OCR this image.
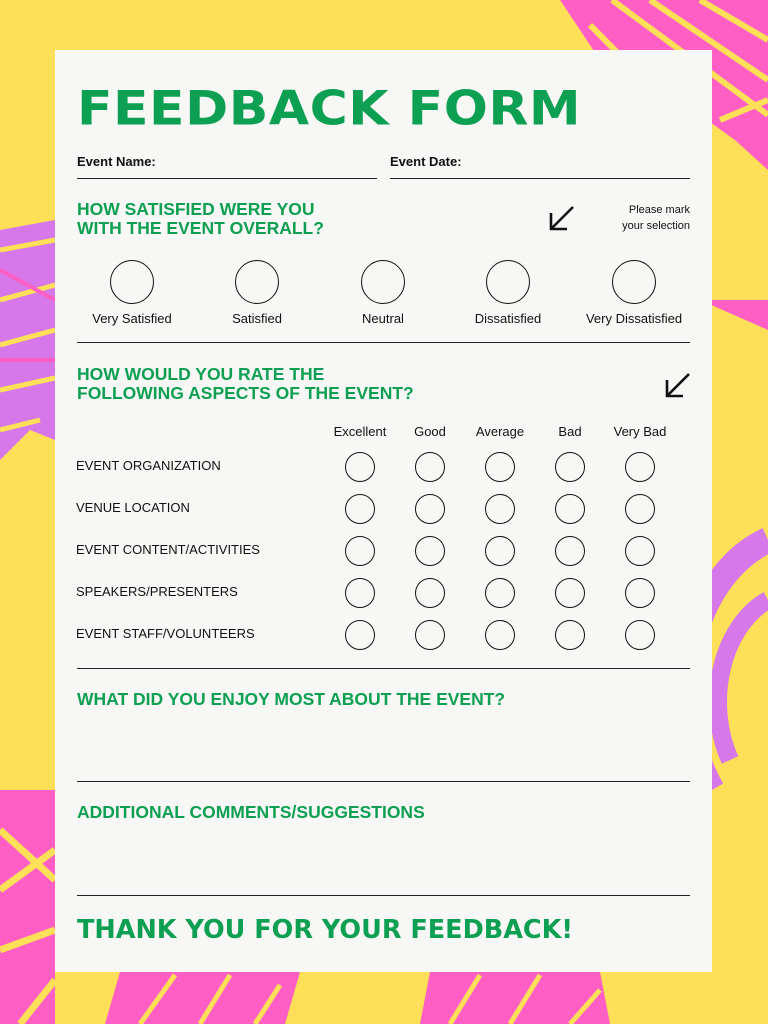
FEEDBACK FORM
Event Name:	Event Date:
HOW SATISFIED WERE YOU
WITH THE EVENT OVERALL?
Please mark
your selection
Very Satisfied	Satisfied	Neutral	Dissatisfied	Very Dissatisfied
HOW WOULD YOU RATE THE
FOLLOWING ASPECTS OF THE EVENT?
Excellent	Good	Average	Bad	Very Bad
EVENT ORGANIZATION
VENUE LOCATION
EVENT CONTENT/ACTIVITIES
SPEAKERS/PRESENTERS
EVENT STAFF/VOLUNTEERS
WHAT DID YOU ENJOY MOST ABOUT THE EVENT?
ADDITIONAL COMMENTS/SUGGESTIONS
THANK YOU FOR YOUR FEEDBACK!
